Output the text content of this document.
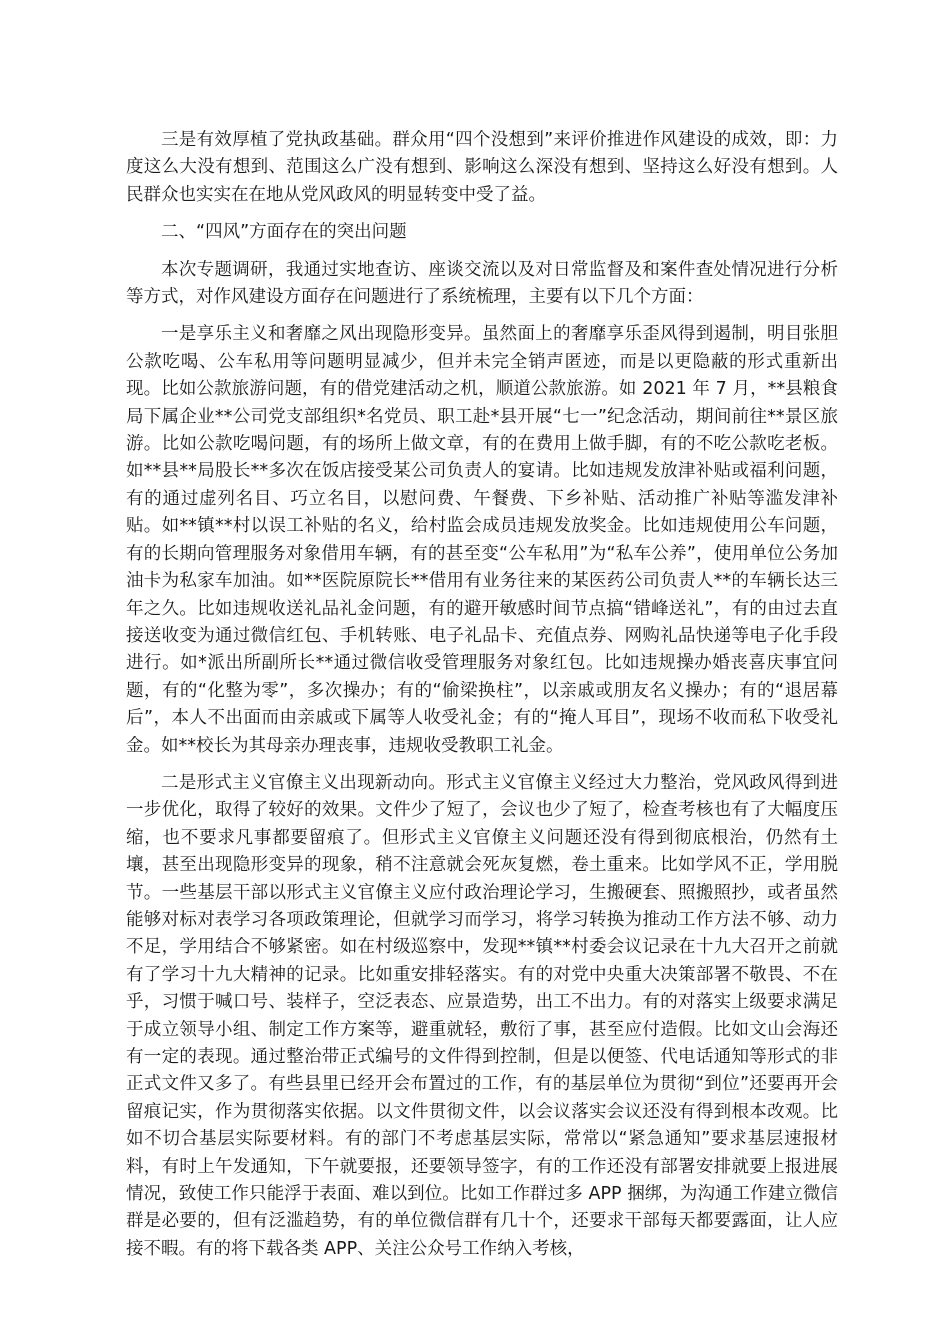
三是有效厚植了党执政基础。群众用“四个没想到”来评价推进作风建设的成效，即：力度这么大没有想到、范围这么广没有想到、影响这么深没有想到、坚持这么好没有想到。人民群众也实实在在地从党风政风的明显转变中受了益。

二、“四风”方面存在的突出问题

本次专题调研，我通过实地查访、座谈交流以及对日常监督及和案件查处情况进行分析等方式，对作风建设方面存在问题进行了系统梳理，主要有以下几个方面：

一是享乐主义和奢靡之风出现隐形变异。虽然面上的奢靡享乐歪风得到遏制，明目张胆公款吃喝、公车私用等问题明显减少，但并未完全销声匿迹，而是以更隐蔽的形式重新出现。比如公款旅游问题，有的借党建活动之机，顺道公款旅游。如 2021 年 7 月，**县粮食局下属企业**公司党支部组织*名党员、职工赴*县开展“七一”纪念活动，期间前往**景区旅游。比如公款吃喝问题，有的场所上做文章，有的在费用上做手脚，有的不吃公款吃老板。如**县**局股长**多次在饭店接受某公司负责人的宴请。比如违规发放津补贴或福利问题，有的通过虚列名目、巧立名目，以慰问费、午餐费、下乡补贴、活动推广补贴等滥发津补贴。如**镇**村以误工补贴的名义，给村监会成员违规发放奖金。比如违规使用公车问题，有的长期向管理服务对象借用车辆，有的甚至变“公车私用”为“私车公养”，使用单位公务加油卡为私家车加油。如**医院原院长**借用有业务往来的某医药公司负责人**的车辆长达三年之久。比如违规收送礼品礼金问题，有的避开敏感时间节点搞“错峰送礼”，有的由过去直接送收变为通过微信红包、手机转账、电子礼品卡、充值点券、网购礼品快递等电子化手段进行。如*派出所副所长**通过微信收受管理服务对象红包。比如违规操办婚丧喜庆事宜问题，有的“化整为零”，多次操办；有的“偷梁换柱”，以亲戚或朋友名义操办；有的“退居幕后”，本人不出面而由亲戚或下属等人收受礼金；有的“掩人耳目”，现场不收而私下收受礼金。如**校长为其母亲办理丧事，违规收受教职工礼金。

二是形式主义官僚主义出现新动向。形式主义官僚主义经过大力整治，党风政风得到进一步优化，取得了较好的效果。文件少了短了，会议也少了短了，检查考核也有了大幅度压缩，也不要求凡事都要留痕了。但形式主义官僚主义问题还没有得到彻底根治，仍然有土壤，甚至出现隐形变异的现象，稍不注意就会死灰复燃，卷土重来。比如学风不正，学用脱节。一些基层干部以形式主义官僚主义应付政治理论学习，生搬硬套、照搬照抄，或者虽然能够对标对表学习各项政策理论，但就学习而学习，将学习转换为推动工作方法不够、动力不足，学用结合不够紧密。如在村级巡察中，发现**镇**村委会议记录在十九大召开之前就有了学习十九大精神的记录。比如重安排轻落实。有的对党中央重大决策部署不敬畏、不在乎，习惯于喊口号、装样子，空泛表态、应景造势，出工不出力。有的对落实上级要求满足于成立领导小组、制定工作方案等，避重就轻，敷衍了事，甚至应付造假。比如文山会海还有一定的表现。通过整治带正式编号的文件得到控制，但是以便签、代电话通知等形式的非正式文件又多了。有些县里已经开会布置过的工作，有的基层单位为贯彻“到位”还要再开会留痕记实，作为贯彻落实依据。以文件贯彻文件，以会议落实会议还没有得到根本改观。比如不切合基层实际要材料。有的部门不考虑基层实际，常常以“紧急通知”要求基层速报材料，有时上午发通知，下午就要报，还要领导签字，有的工作还没有部署安排就要上报进展情况，致使工作只能浮于表面、难以到位。比如工作群过多 APP 捆绑，为沟通工作建立微信群是必要的，但有泛滥趋势，有的单位微信群有几十个，还要求干部每天都要露面，让人应接不暇。有的将下载各类 APP、关注公众号工作纳入考核，
